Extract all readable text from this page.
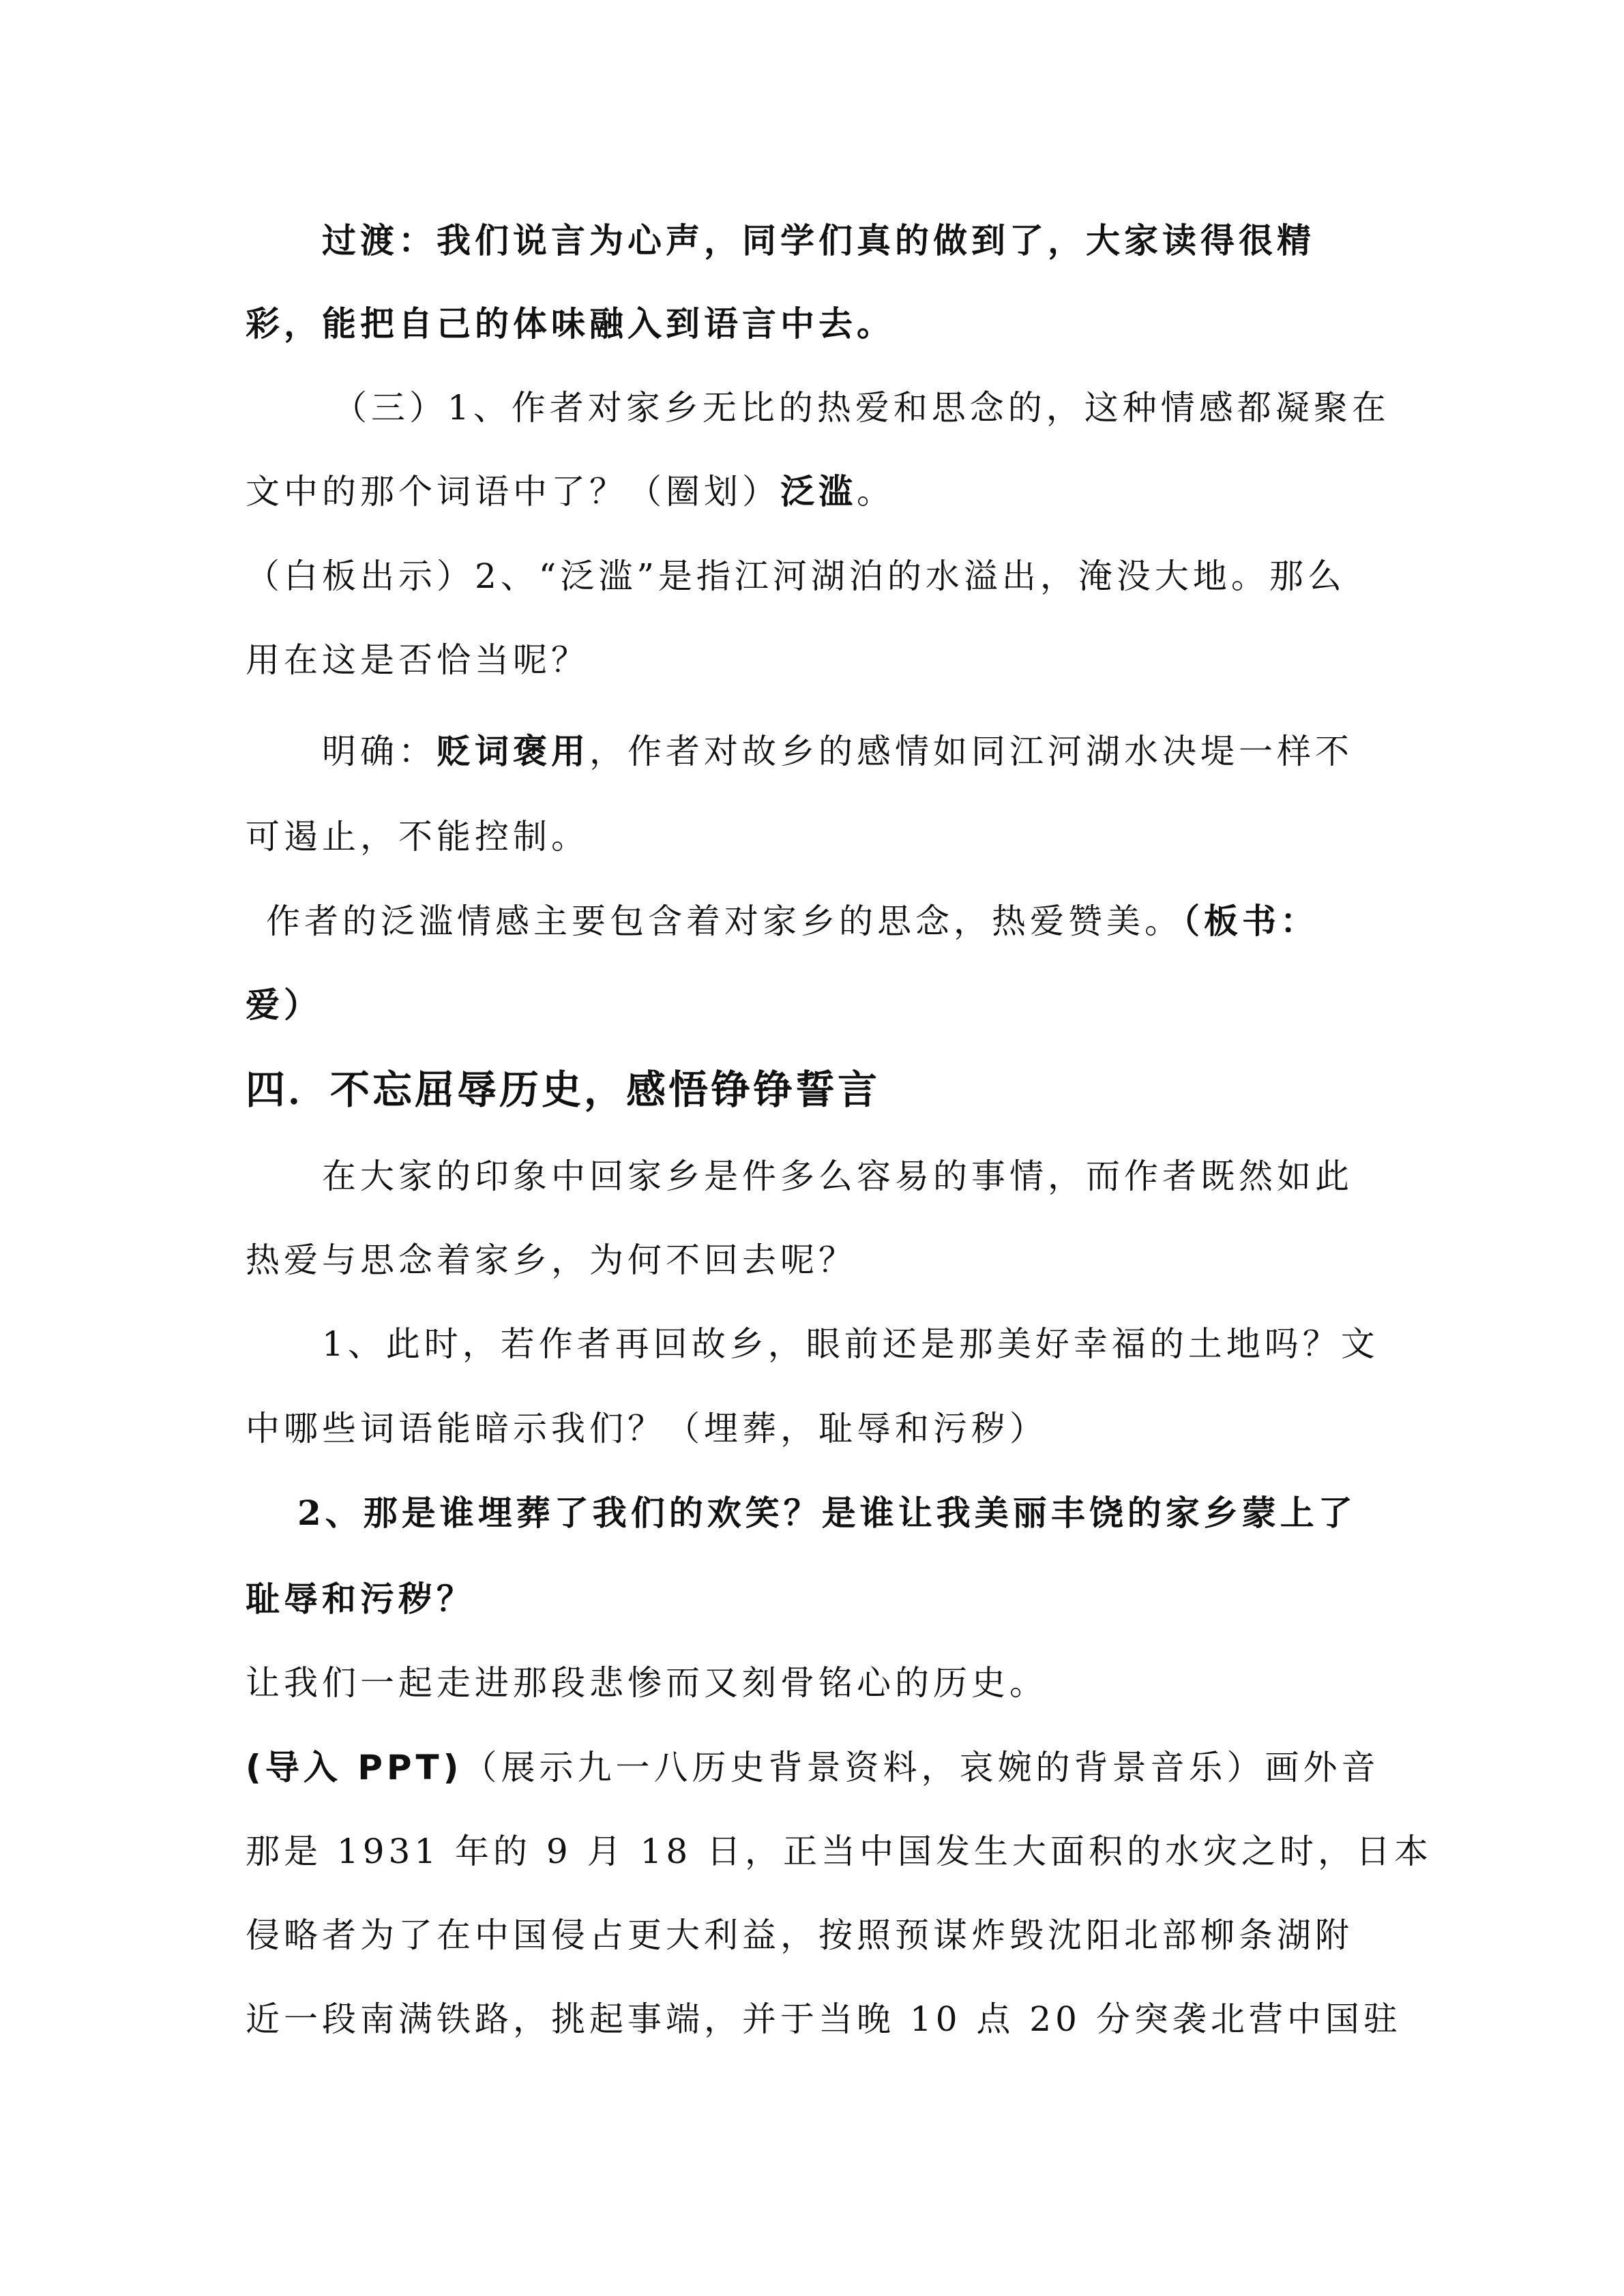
过渡：我们说言为心声，同学们真的做到了，大家读得很精
彩，能把自己的体味融入到语言中去。
（三）1、作者对家乡无比的热爱和思念的，这种情感都凝聚在
文中的那个词语中了？（圈划）泛滥。
（白板出示）2、“泛滥”是指江河湖泊的水溢出，淹没大地。那么
用在这是否恰当呢？
明确：贬词褒用，作者对故乡的感情如同江河湖水决堤一样不
可遏止，不能控制。
作者的泛滥情感主要包含着对家乡的思念，热爱赞美。（板书：
爱）
四．不忘屈辱历史，感悟铮铮誓言
在大家的印象中回家乡是件多么容易的事情，而作者既然如此
热爱与思念着家乡，为何不回去呢？
1、此时，若作者再回故乡，眼前还是那美好幸福的土地吗？文
中哪些词语能暗示我们？（埋葬，耻辱和污秽）
2、那是谁埋葬了我们的欢笑？是谁让我美丽丰饶的家乡蒙上了
耻辱和污秽？
让我们一起走进那段悲惨而又刻骨铭心的历史。
(导入 PPT)（展示九一八历史背景资料，哀婉的背景音乐）画外音
那是 1931 年的 9 月 18 日，正当中国发生大面积的水灾之时，日本
侵略者为了在中国侵占更大利益，按照预谋炸毁沈阳北部柳条湖附
近一段南满铁路，挑起事端，并于当晚 10 点 20 分突袭北营中国驻
